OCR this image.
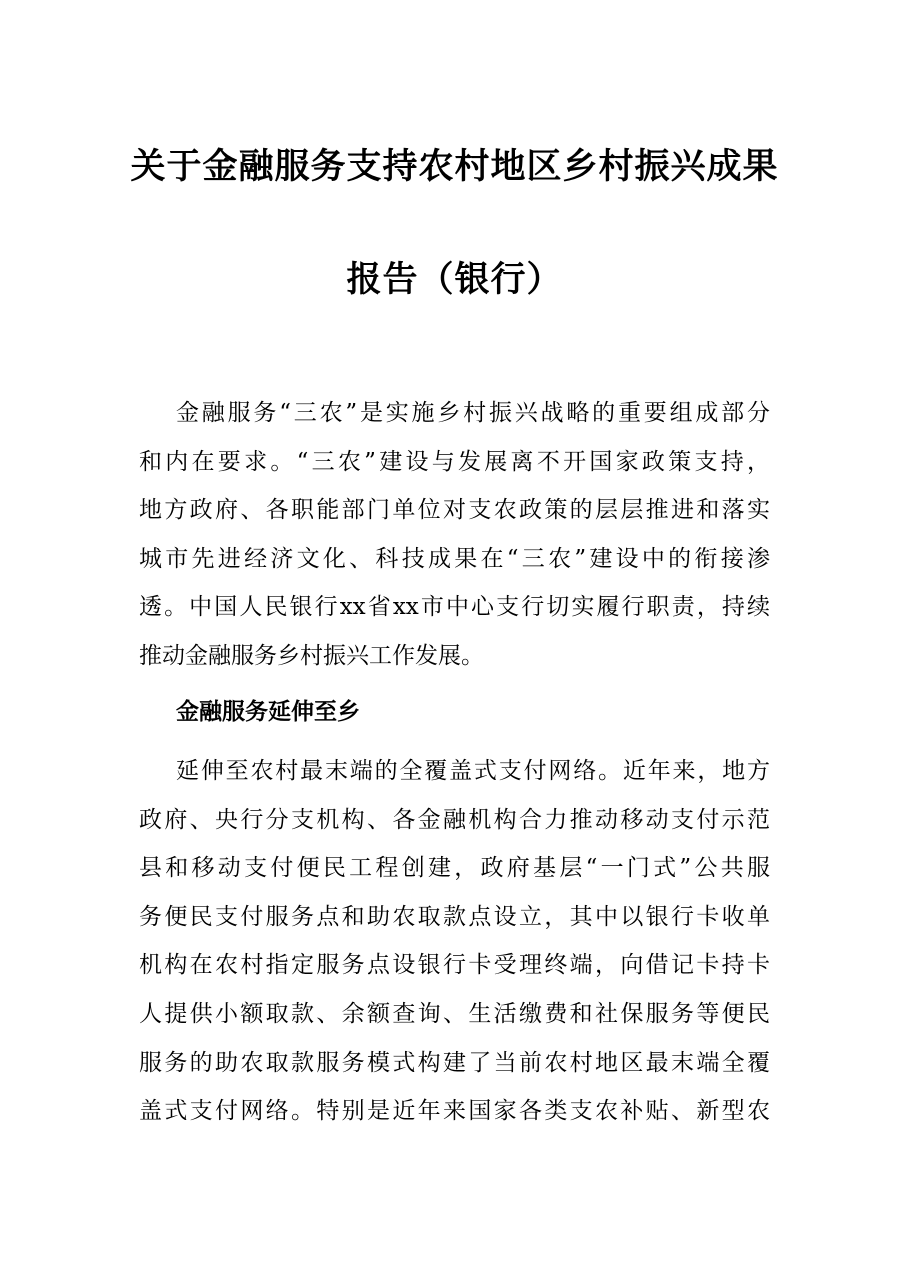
关于金融服务支持农村地区乡村振兴成果
报告（银行）
金融服务“三农”是实施乡村振兴战略的重要组成部分
和内在要求。“三农”建设与发展离不开国家政策支持，
地方政府、各职能部门单位对支农政策的层层推进和落实
城市先进经济文化、科技成果在“三农”建设中的衔接渗
透。中国人民银行xx省xx市中心支行切实履行职责，持续
推动金融服务乡村振兴工作发展。
金融服务延伸至乡
延伸至农村最末端的全覆盖式支付网络。近年来，地方
政府、央行分支机构、各金融机构合力推动移动支付示范
县和移动支付便民工程创建，政府基层“一门式”公共服
务便民支付服务点和助农取款点设立，其中以银行卡收单
机构在农村指定服务点设银行卡受理终端，向借记卡持卡
人提供小额取款、余额查询、生活缴费和社保服务等便民
服务的助农取款服务模式构建了当前农村地区最末端全覆
盖式支付网络。特别是近年来国家各类支农补贴、新型农
